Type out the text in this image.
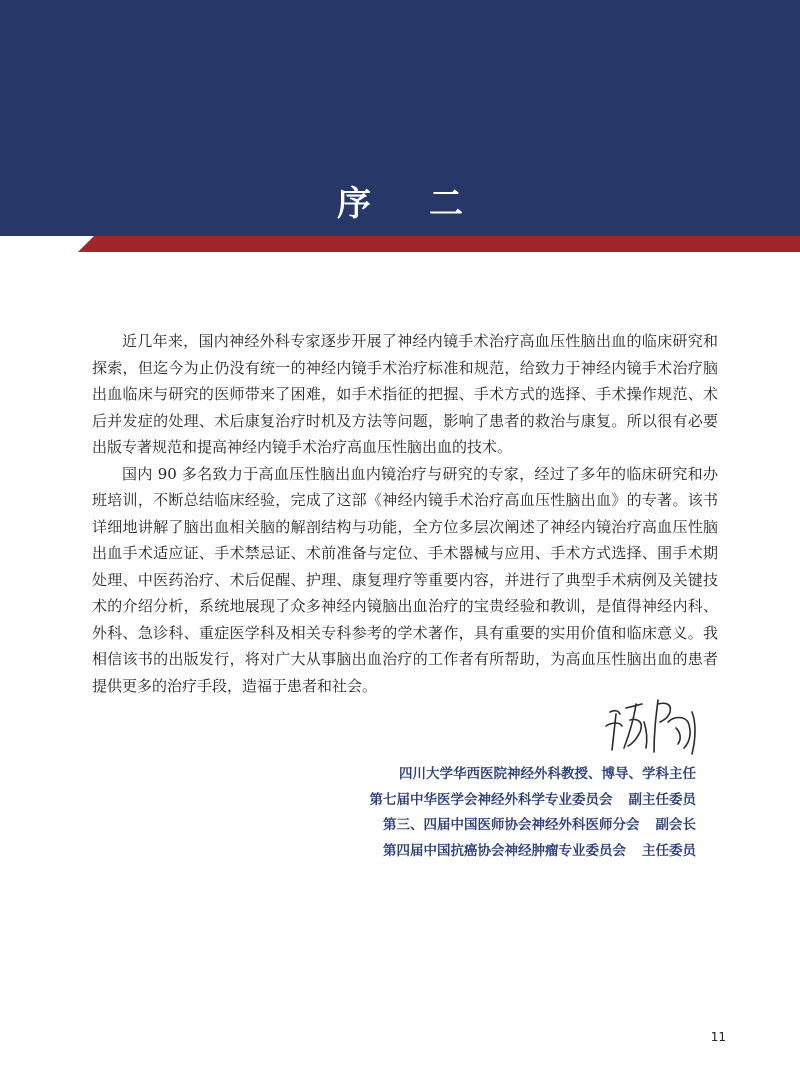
序 二

近几年来，国内神经外科专家逐步开展了神经内镜手术治疗高血压性脑出血的临床研究和探索，但迄今为止仍没有统一的神经内镜手术治疗标准和规范，给致力于神经内镜手术治疗脑出血临床与研究的医师带来了困难，如手术指征的把握、手术方式的选择、手术操作规范、术后并发症的处理、术后康复治疗时机及方法等问题，影响了患者的救治与康复。所以很有必要出版专著规范和提高神经内镜手术治疗高血压性脑出血的技术。

国内 90 多名致力于高血压性脑出血内镜治疗与研究的专家，经过了多年的临床研究和办班培训，不断总结临床经验，完成了这部《神经内镜手术治疗高血压性脑出血》的专著。该书详细地讲解了脑出血相关脑的解剖结构与功能，全方位多层次阐述了神经内镜治疗高血压性脑出血手术适应证、手术禁忌证、术前准备与定位、手术器械与应用、手术方式选择、围手术期处理、中医药治疗、术后促醒、护理、康复理疗等重要内容，并进行了典型手术病例及关键技术的介绍分析，系统地展现了众多神经内镜脑出血治疗的宝贵经验和教训，是值得神经内科、外科、急诊科、重症医学科及相关专科参考的学术著作，具有重要的实用价值和临床意义。我相信该书的出版发行，将对广大从事脑出血治疗的工作者有所帮助，为高血压性脑出血的患者提供更多的治疗手段，造福于患者和社会。

四川大学华西医院神经外科教授、博导、学科主任
第七届中华医学会神经外科学专业委员会 副主任委员
第三、四届中国医师协会神经外科医师分会 副会长
第四届中国抗癌协会神经肿瘤专业委员会 主任委员
11
